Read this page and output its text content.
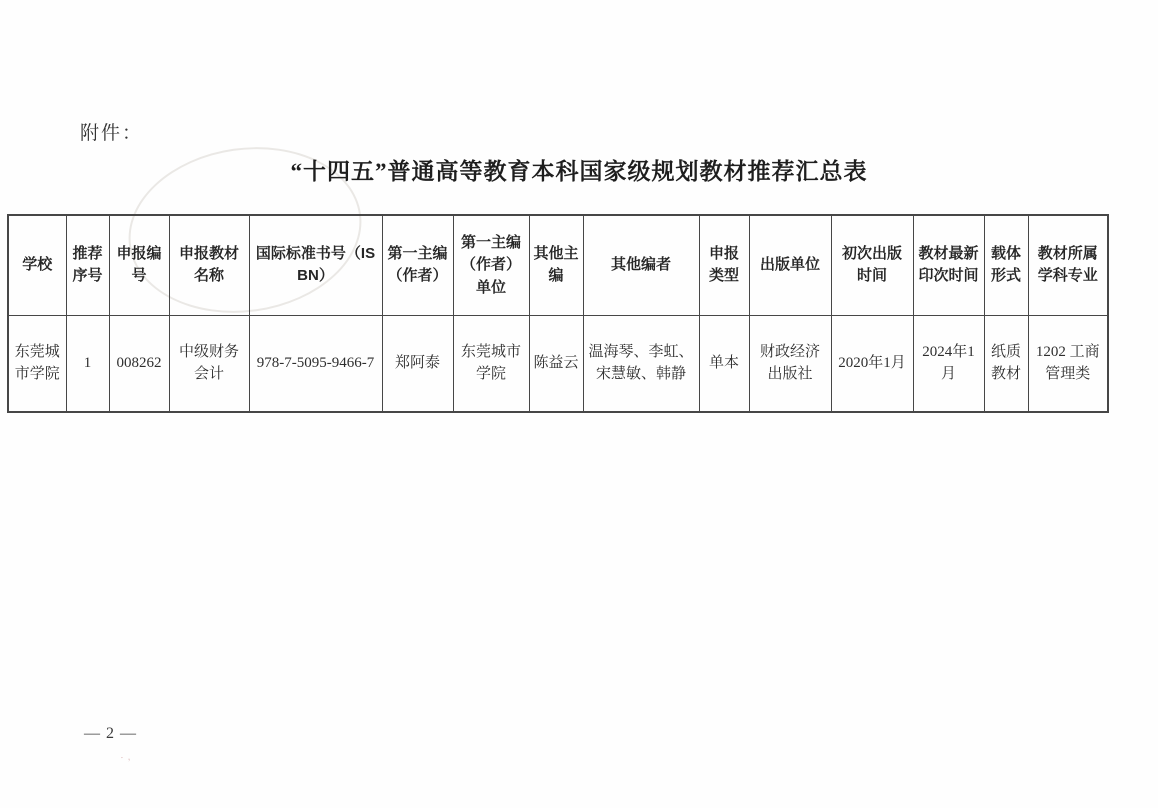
附件：
“十四五”普通高等教育本科国家级规划教材推荐汇总表
学校	推荐序号	申报编号	申报教材名称	国际标准书号（ISBN）	第一主编（作者）	第一主编（作者）单位	其他主编	其他编者	申报类型	出版单位	初次出版时间	教材最新印次时间	载体形式	教材所属学科专业
东莞城市学院	1	008262	中级财务会计	978-7-5095-9466-7	郑阿泰	东莞城市学院	陈益云	温海琴、李虹、宋慧敏、韩静	单本	财政经济出版社	2020年1月	2024年1月	纸质教材	1202 工商管理类
— 2 —
·﹐
